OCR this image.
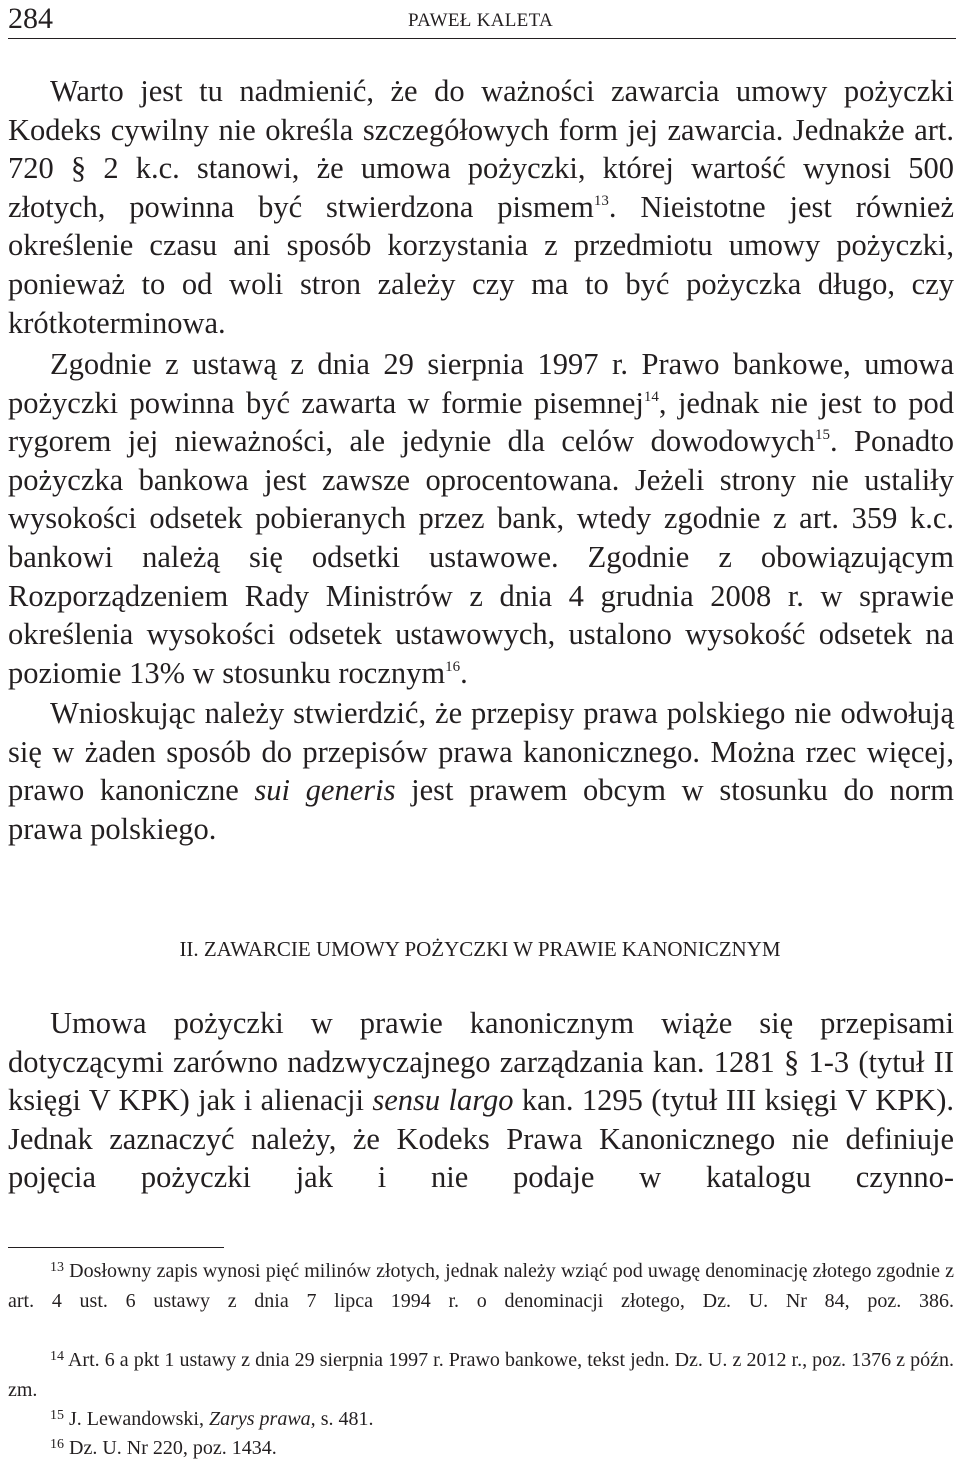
284	PAWEŁ KALETA
Warto jest tu nadmienić, że do ważności zawarcia umowy pożyczki Kodeks cywilny nie określa szczegółowych form jej zawarcia. Jednakże art. 720 § 2 k.c. stanowi, że umowa pożyczki, której wartość wynosi 500 złotych, powinna być stwierdzona pismem$^{13}$. Nieistotne jest również określenie czasu ani sposób korzystania z przedmiotu umowy pożyczki, ponieważ to od woli stron zależy czy ma to być pożyczka długo, czy krótkoterminowa.
Zgodnie z ustawą z dnia 29 sierpnia 1997 r. Prawo bankowe, umowa pożyczki powinna być zawarta w formie pisemnej$^{14}$, jednak nie jest to pod rygorem jej nieważności, ale jedynie dla celów dowodowych$^{15}$. Ponadto pożyczka bankowa jest zawsze oprocentowana. Jeżeli strony nie ustaliły wysokości odsetek pobieranych przez bank, wtedy zgodnie z art. 359 k.c. bankowi należą się odsetki ustawowe. Zgodnie z obowiązującym Rozporządzeniem Rady Ministrów z dnia 4 grudnia 2008 r. w sprawie określenia wysokości odsetek ustawowych, ustalono wysokość odsetek na poziomie 13% w stosunku rocznym$^{16}$.
Wnioskując należy stwierdzić, że przepisy prawa polskiego nie odwołują się w żaden sposób do przepisów prawa kanonicznego. Można rzec więcej, prawo kanoniczne sui generis jest prawem obcym w stosunku do norm prawa polskiego.
II. ZAWARCIE UMOWY POŻYCZKI W PRAWIE KANONICZNYM
Umowa pożyczki w prawie kanonicznym wiąże się przepisami dotyczącymi zarówno nadzwyczajnego zarządzania kan. 1281 § 1-3 (tytuł II księgi V KPK) jak i alienacji sensu largo kan. 1295 (tytuł III księgi V KPK). Jednak zaznaczyć należy, że Kodeks Prawa Kanonicznego nie definiuje pojęcia pożyczki jak i nie podaje w katalogu czynno-
$^{13}$ Dosłowny zapis wynosi pięć milinów złotych, jednak należy wziąć pod uwagę denominację złotego zgodnie z art. 4 ust. 6 ustawy z dnia 7 lipca 1994 r. o denominacji złotego, Dz. U. Nr 84, poz. 386.
$^{14}$ Art. 6 a pkt 1 ustawy z dnia 29 sierpnia 1997 r. Prawo bankowe, tekst jedn. Dz. U. z 2012 r., poz. 1376 z późn. zm.
$^{15}$ J. Lewandowski, Zarys prawa, s. 481.
$^{16}$ Dz. U. Nr 220, poz. 1434.
